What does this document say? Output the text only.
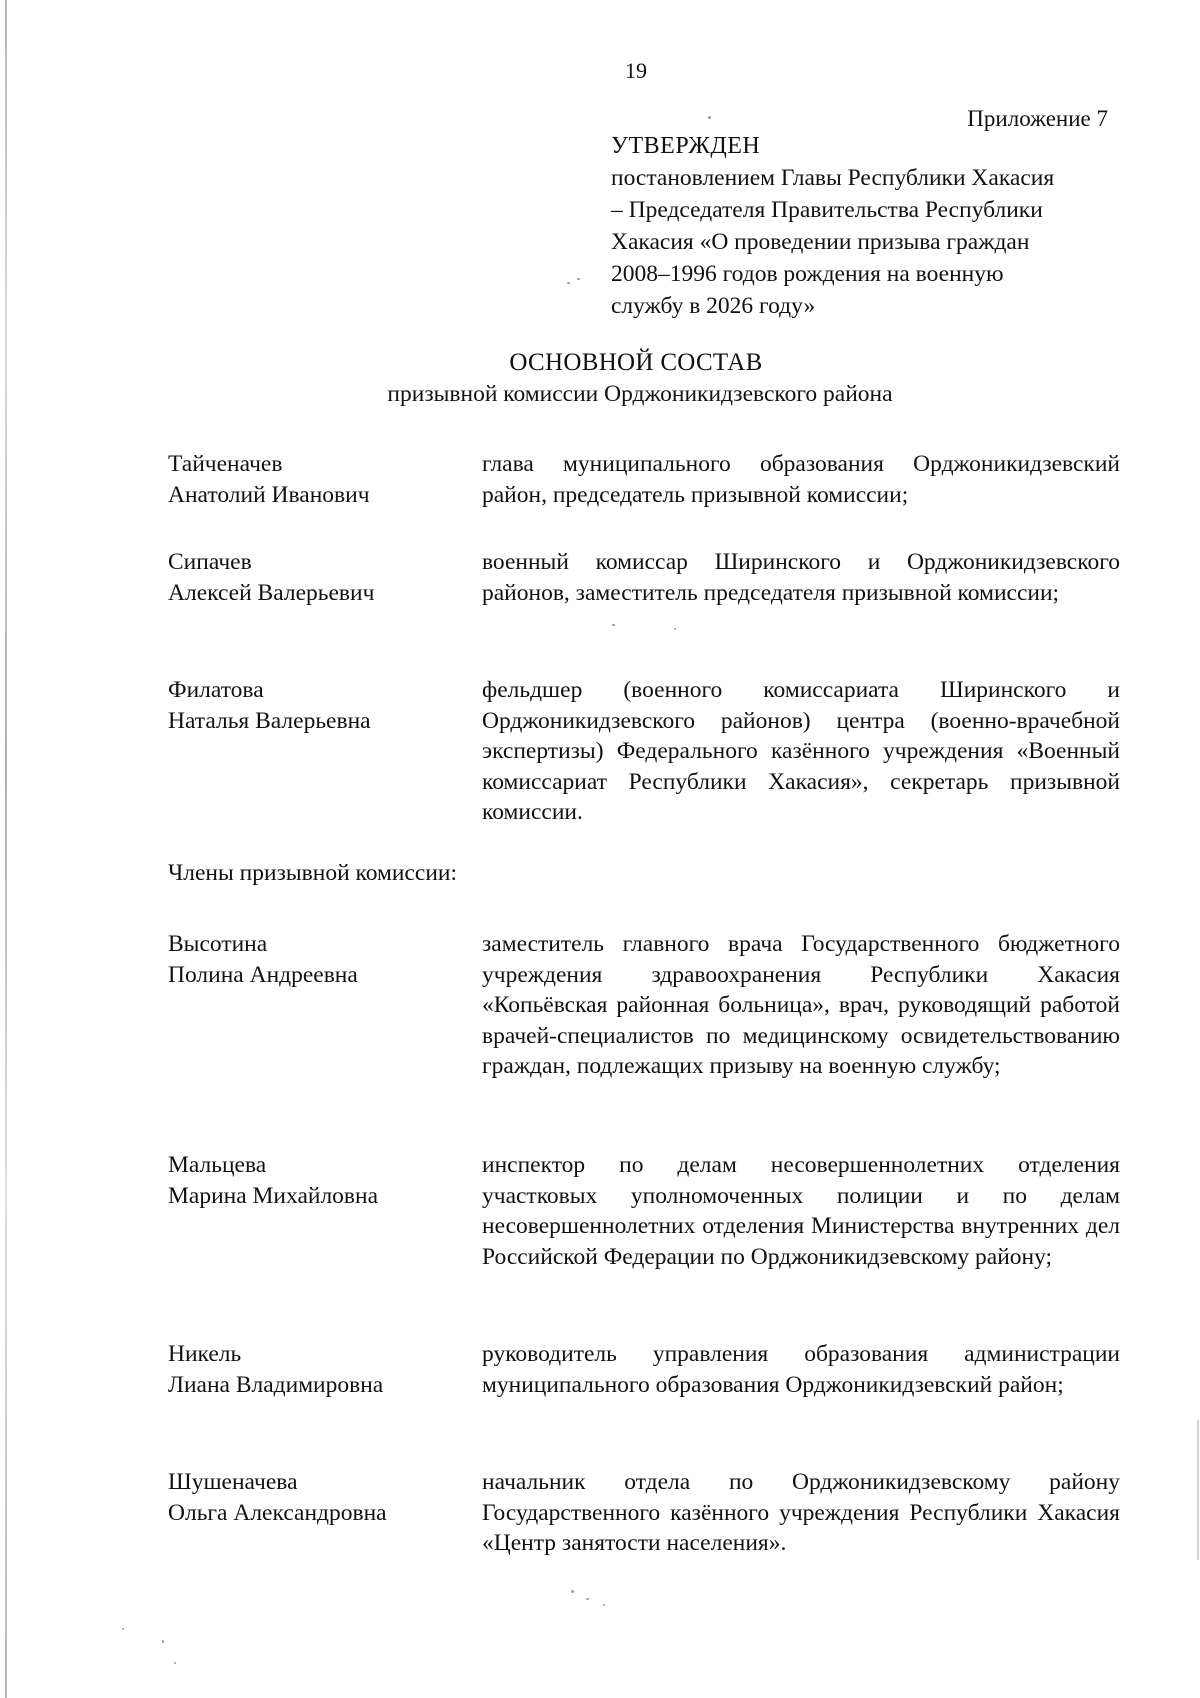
19
Приложение 7
УТВЕРЖДЕН
постановлением Главы Республики Хакасия
– Председателя Правительства Республики
Хакасия «О проведении призыва граждан
2008–1996 годов рождения на военную
службу в 2026 году»
ОСНОВНОЙ СОСТАВ
призывной комиссии Орджоникидзевского района
Тайченачев
Анатолий Иванович
глава муниципального образования Орджоникидзевский район, председатель призывной комиссии;
Сипачев
Алексей Валерьевич
военный комиссар Ширинского и Орджоникидзевского районов, заместитель председателя призывной комиссии;
Филатова
Наталья Валерьевна
фельдшер (военного комиссариата Ширинского и Орджоникидзевского районов) центра (военно-врачебной экспертизы) Федерального казённого учреждения «Военный комиссариат Республики Хакасия», секретарь призывной комиссии.
Члены призывной комиссии:
Высотина
Полина Андреевна
заместитель главного врача Государственного бюджетного учреждения здравоохранения Республики Хакасия «Копьёвская районная больница», врач, руководящий работой врачей-специалистов по медицинскому освидетельствованию граждан, подлежащих призыву на военную службу;
Мальцева
Марина Михайловна
инспектор по делам несовершеннолетних отделения участковых уполномоченных полиции и по делам несовершеннолетних отделения Министерства внутренних дел Российской Федерации по Орджоникидзевскому району;
Никель
Лиана Владимировна
руководитель управления образования администрации муниципального образования Орджоникидзевский район;
Шушеначева
Ольга Александровна
начальник отдела по Орджоникидзевскому району Государственного казённого учреждения Республики Хакасия «Центр занятости населения».
